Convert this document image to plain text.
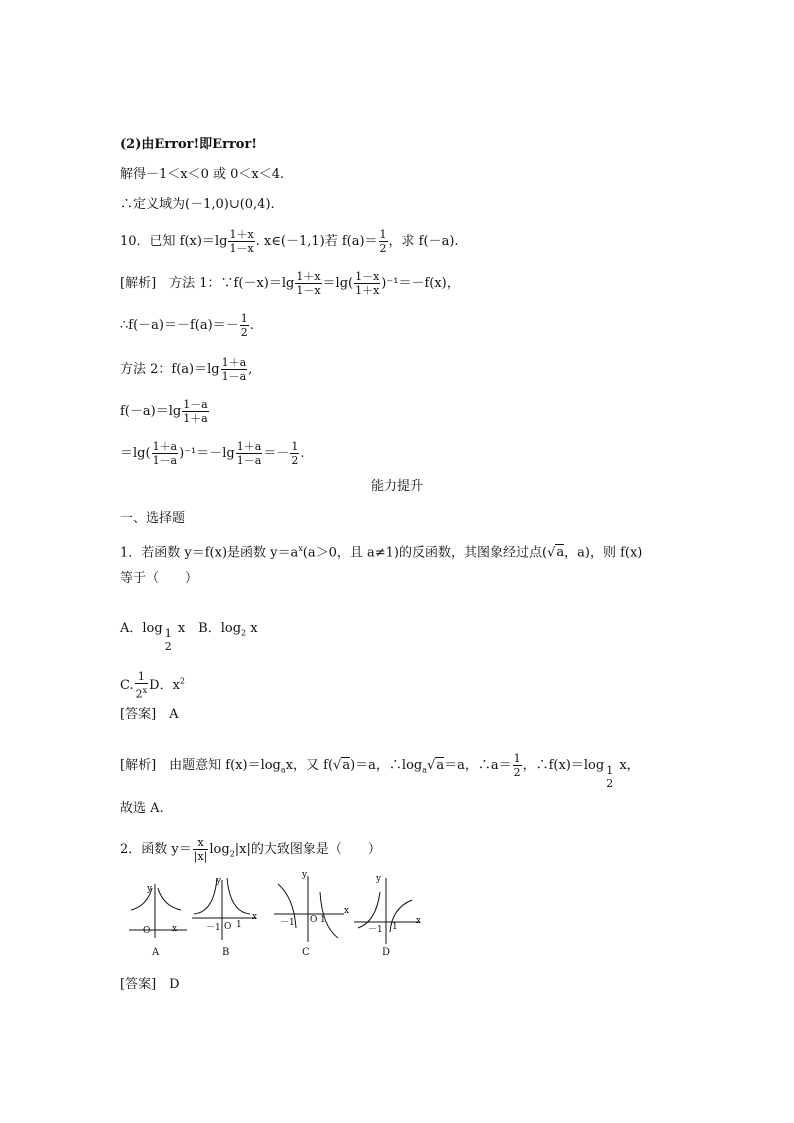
(2)由Error!即Error!
解得－1＜x＜0 或 0＜x＜4.
∴定义域为(－1,0)∪(0,4).
10．已知 $f(x)=\lg \frac{1+x}{1-x}$ . x∈(－1,1)若 $f(a)= \frac{1}{2}$ ，求 f(－a).
[解析]　方法 1：∵f(－x)＝lg $\frac{1+x}{1-x} =\lg( \frac{1-x}{1+x} )^{-1}=-f(x)$，
∴f(－a)＝－f(a)＝－ $\frac{1}{2}$ .
方法 2：$f(a)=\lg \frac{1+a}{1-a}$ ,
$f(-a)=\lg \frac{1-a}{1+a}$
$=\lg( \frac{1+a}{1-a} )^{-1}=-\lg \frac{1+a}{1-a} =- \frac{1}{2}$ .
能力提升
一、选择题
1．若函数 y＝f(x)是函数 $y=a^x(a>0$，且 a≠1)的反函数，其图象经过点(√a，a)，则 f(x)
等于（　　）
A．log 1
2
x　B．$\log_2 x$
C. $\frac{1}{2^x}$ D．$x^2$
[答案]　 A
[解析]　由题意知 $f(x)=\log_ax$，又 f(√a)＝a，$\therefore\log_a√a=a$，∴a＝ $\frac{1}{2}$ ，∴f(x)＝log 1
2
x，
故选 A.
2．函数 $y= \frac{x}{|x|} \log_2|x|$的大致图象是（　　）
y
O x
A
y
－1 O 1
x
B
y
－1 O 1
x
C
y
－1 1
x
D
[答案]　 D
